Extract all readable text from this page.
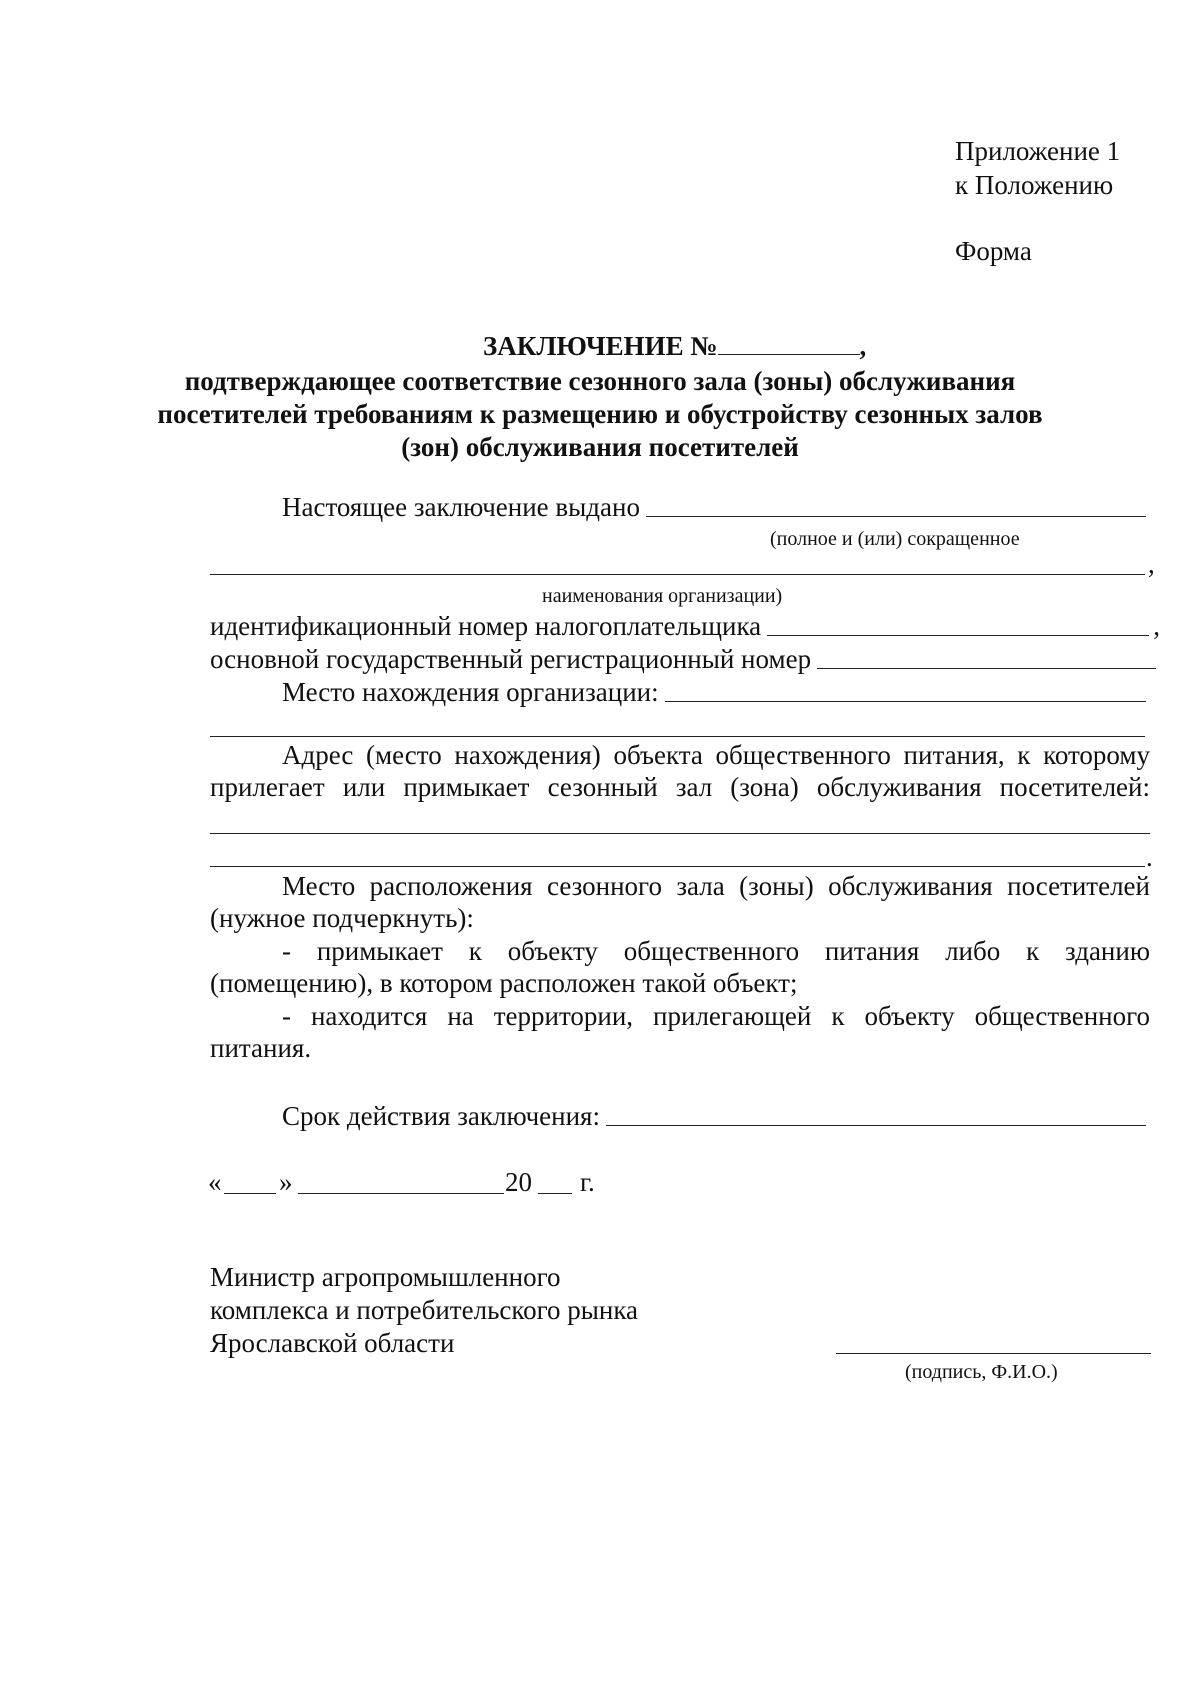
Приложение 1
к Положению
Форма
ЗАКЛЮЧЕНИЕ №	,
подтверждающее соответствие сезонного зала (зоны) обслуживания
посетителей требованиям к размещению и обустройству сезонных залов
(зон) обслуживания посетителей
Настоящее заключение выдано
(полное и (или) сокращенное
,
наименования организации)
идентификационный номер налогоплательщика	,
основной государственный регистрационный номер
Место нахождения организации:
Адрес (место нахождения) объекта общественного питания, к которому
прилегает или примыкает сезонный зал (зона) обслуживания посетителей:
.
Место расположения сезонного зала (зоны) обслуживания посетителей
(нужное подчеркнуть):
- примыкает к объекту общественного питания либо к зданию
(помещению), в котором расположен такой объект;
- находится на территории, прилегающей к объекту общественного
питания.
Срок действия заключения:
« »	20 г.
Министр агропромышленного
комплекса и потребительского рынка
Ярославской области
(подпись, Ф.И.О.)
